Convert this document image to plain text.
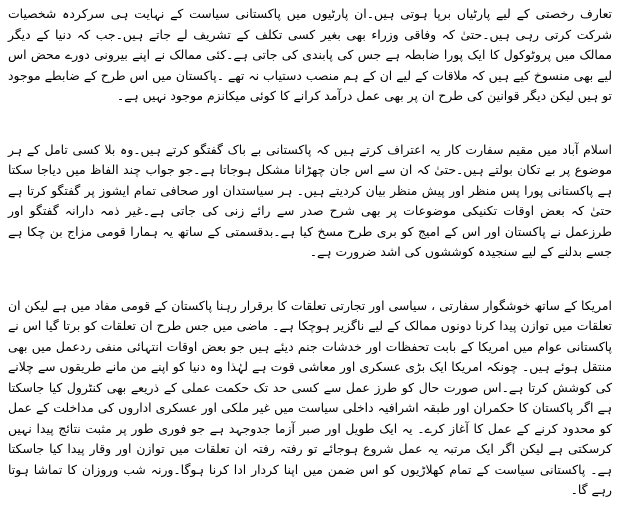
تعارف رخصتی کے لیے پارٹیاں برپا ہوتی ہیں۔ان پارٹیوں میں پاکستانی سیاست کے نہایت ہی سرکردہ شخصیات شرکت کرتی رہی ہیں۔حتیٰ کہ وفاقی وزراء بھی بغیر کسی تکلف کے تشریف لے جاتے ہیں۔جب کہ دنیا کے دیگر ممالک میں پروٹوکول کا ایک پورا ضابطہ ہے جس کی پابندی کی جاتی ہے۔کئی ممالک نے اپنے بیرونی دورے محض اس لیے بھی منسوخ کیے ہیں کہ ملاقات کے لیے ان کے ہم منصب دستیاب نہ تھے ۔پاکستان میں اس طرح کے ضابطے موجود تو ہیں لیکن دیگر قوانین کی طرح ان پر بھی عمل درآمد کرانے کا کوئی میکانزم موجود نہیں ہے۔

اسلام آباد میں مقیم سفارت کار یہ اعتراف کرتے ہیں کہ پاکستانی بے باک گفتگو کرتے ہیں۔وہ بلا کسی تامل کے ہر موضوع پر بے تکان بولتے ہیں۔حتیٰ کہ ان سے اس جان چھڑانا مشکل ہوجاتا ہے۔جو جواب چند الفاظ میں دیاجا سکتا ہے پاکستانی پورا پس منظر اور پیش منظر بیان کردیتے ہیں۔ ہر سیاستدان اور صحافی تمام ایشوز پر گفتگو کرتا ہے حتیٰ کہ بعض اوقات تکنیکی موضوعات پر بھی شرح صدر سے رائے زنی کی جاتی ہے۔غیر ذمہ دارانہ گفتگو اور طرزعمل نے پاکستان اور اس کے امیج کو بری طرح مسخ کیا ہے۔بدقسمتی کے ساتھ یہ ہمارا قومی مزاج بن چکا ہے جسے بدلنے کے لیے سنجیدہ کوششوں کی اشد ضرورت ہے۔

امریکا کے ساتھ خوشگوار سفارتی ، سیاسی اور تجارتی تعلقات کا برقرار رہنا پاکستان کے قومی مفاد میں ہے لیکن ان تعلقات میں توازن پیدا کرنا دونوں ممالک کے لیے ناگزیر ہوچکا ہے۔ ماضی میں جس طرح ان تعلقات کو برتا گیا اس نے پاکستانی عوام میں امریکا کے بابت تحفظات اور خدشات جنم دیئے ہیں جو بعض اوقات انتہائی منفی ردعمل میں بھی منتقل ہوئے ہیں۔ چونکہ امریکا ایک بڑی عسکری اور معاشی قوت ہے لہٰذا وہ دنیا کو اپنے من مانے طریقوں سے چلانے کی کوشش کرتا ہے۔اس صورت حال کو طرز عمل سے کسی حد تک حکمت عملی کے ذریعے بھی کنٹرول کیا جاسکتا ہے اگر پاکستان کا حکمران اور طبقہ اشرافیہ داخلی سیاست میں غیر ملکی اور عسکری اداروں کی مداخلت کے عمل کو محدود کرنے کے عمل کا آغاز کرے۔ یہ ایک طویل اور صبر آزما جدوجہد ہے جو فوری طور پر مثبت نتائج پیدا نہیں کرسکتی ہے لیکن اگر ایک مرتبہ یہ عمل شروع ہوجائے تو رفتہ رفتہ ان تعلقات میں توازن اور وقار پیدا کیا جاسکتا ہے۔ پاکستانی سیاست کے تمام کھلاڑیوں کو اس ضمن میں اپنا کردار ادا کرنا ہوگا۔ورنہ شب وروزان کا تماشا ہوتا رہے گا۔
